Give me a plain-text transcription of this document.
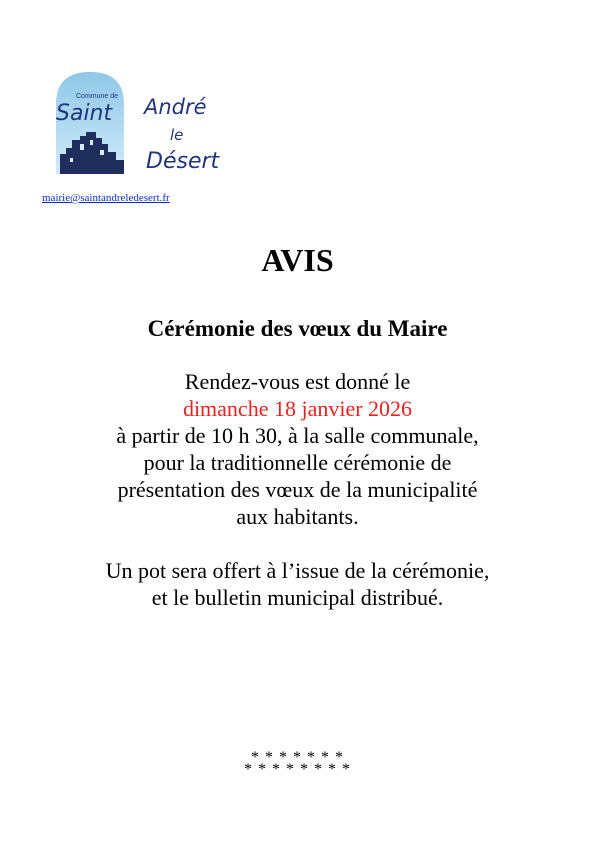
Commune de
Saint André
le
Désert
mairie@saintandreledesert.fr
AVIS
Cérémonie des vœux du Maire

Rendez-vous est donné le

dimanche 18 janvier 2026

à partir de 10 h 30, à la salle communale,

pour la traditionnelle cérémonie de

présentation des vœux de la municipalité

aux habitants.

Un pot sera offert à l’issue de la cérémonie,

et le bulletin municipal distribué.

* * * * * * *
* * * * * * * *
